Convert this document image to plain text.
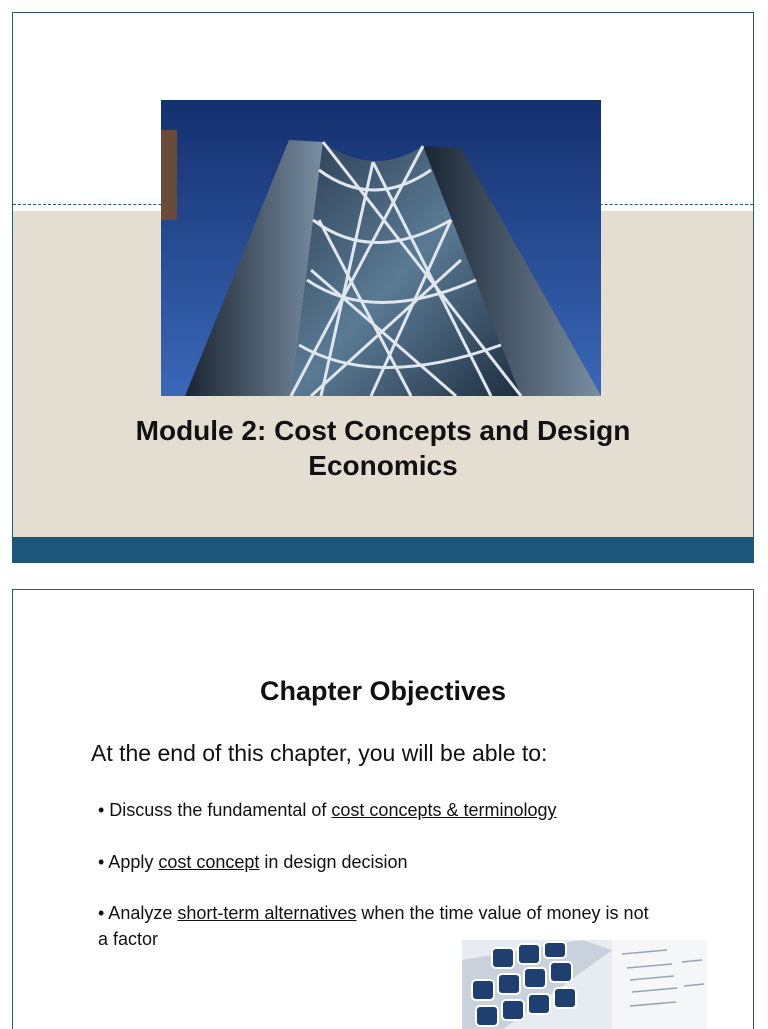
Module 2: Cost Concepts and Design
Economics
Chapter Objectives
At the end of this chapter, you will be able to:
• Discuss the fundamental of cost concepts & terminology
• Apply cost concept in design decision
• Analyze short-term alternatives when the time value of money is not a factor
